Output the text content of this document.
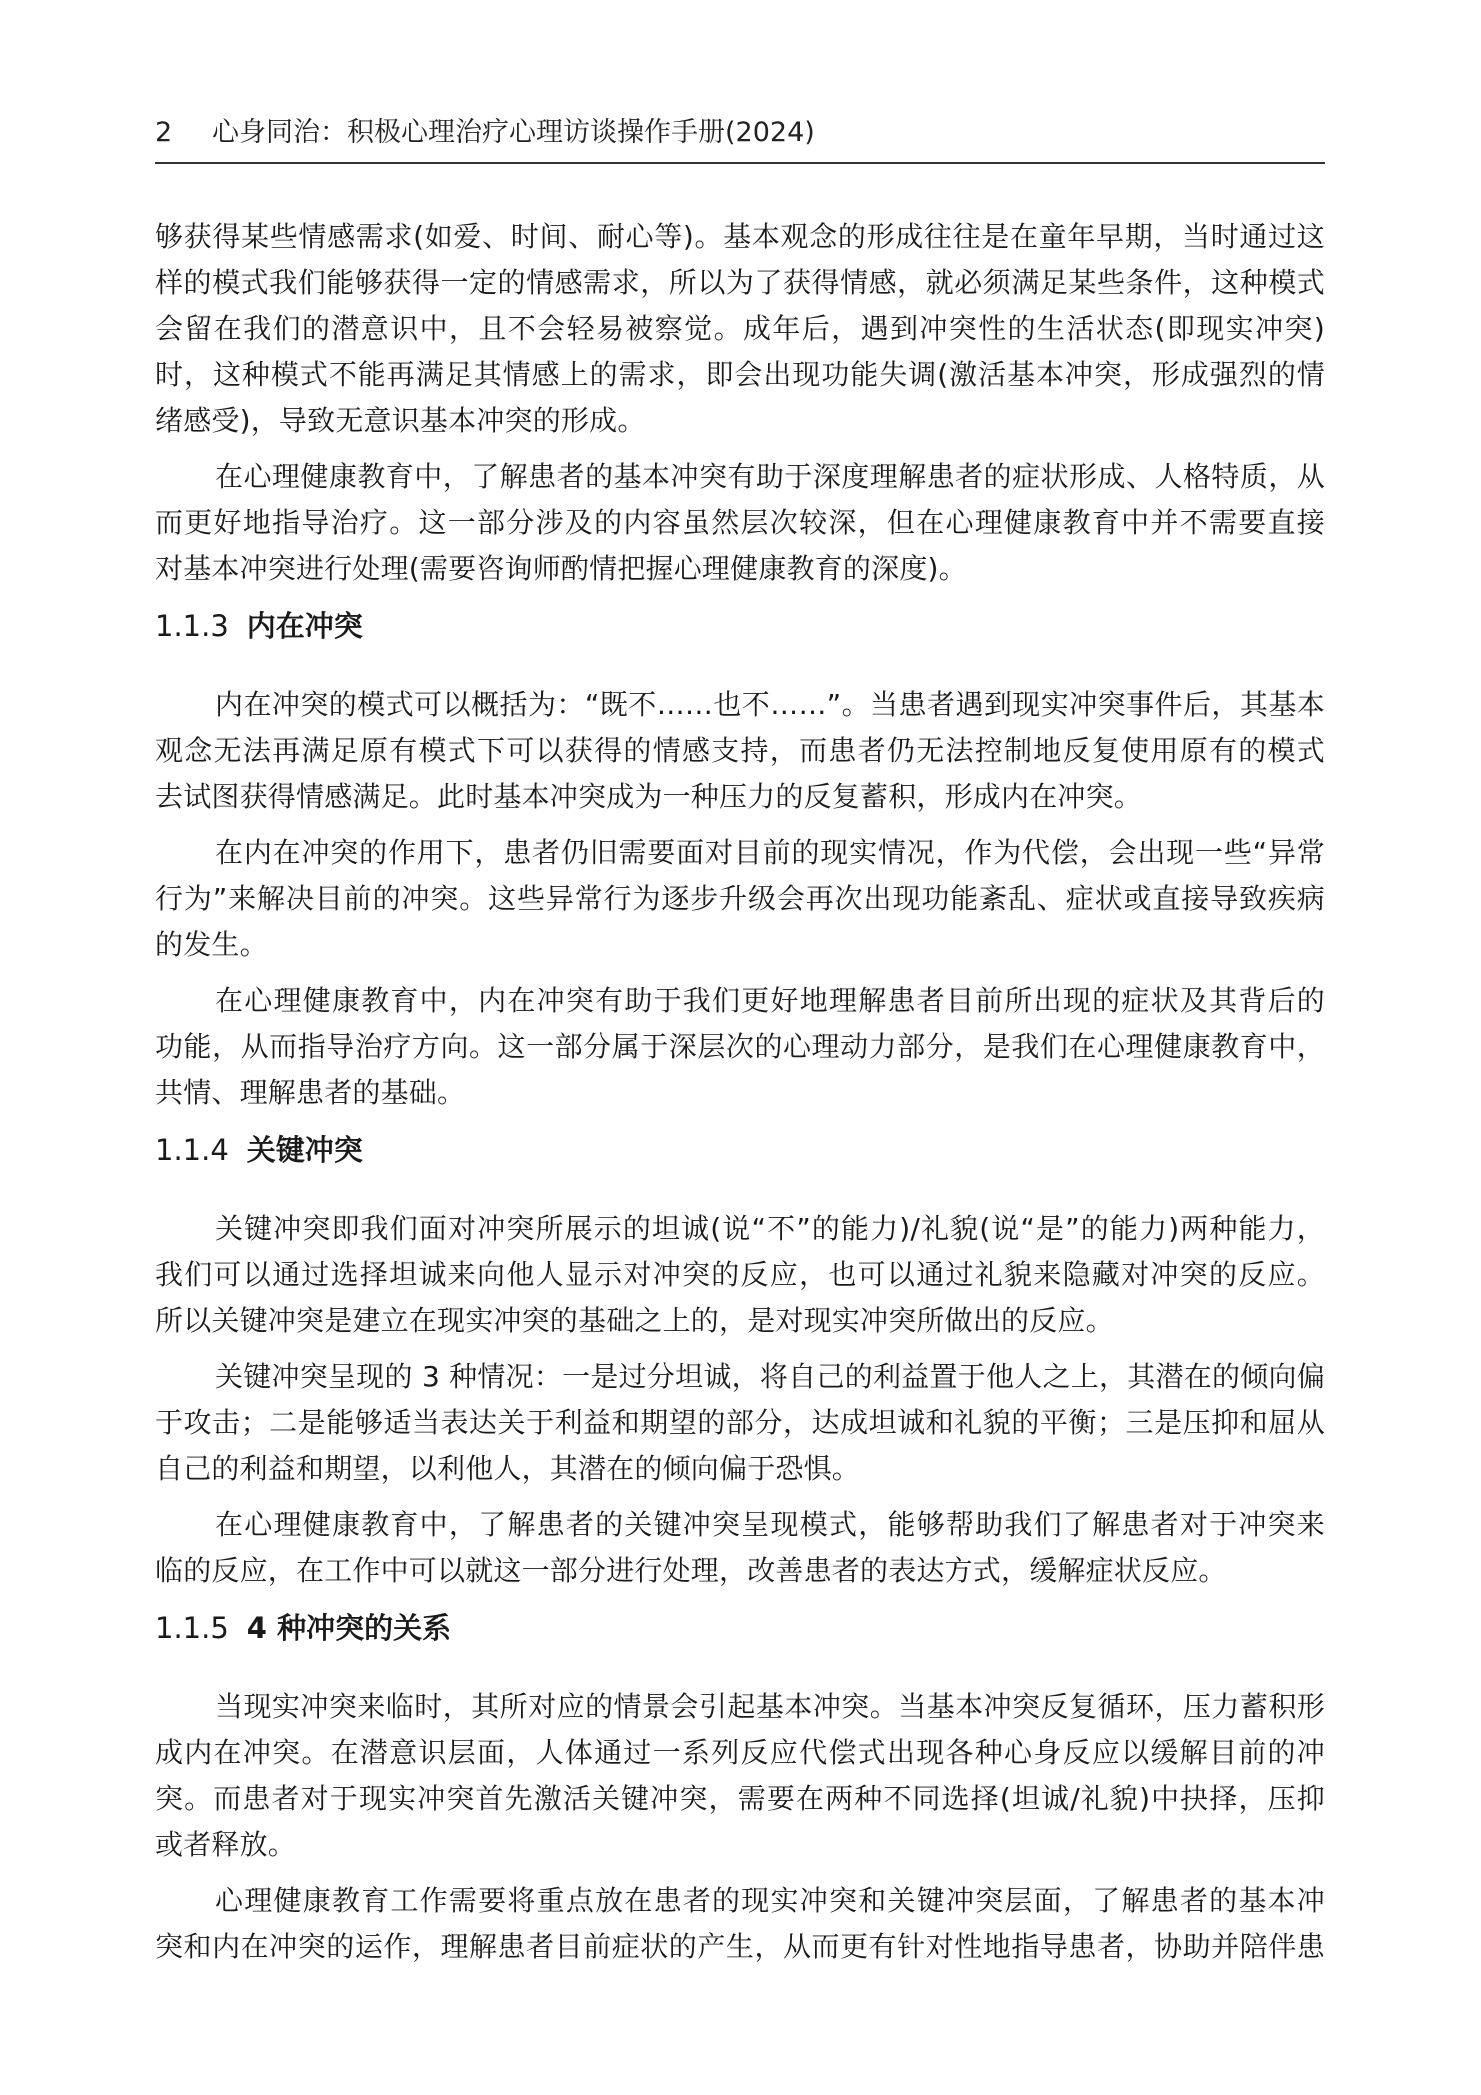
2 心身同治：积极心理治疗心理访谈操作手册(2024)
够获得某些情感需求(如爱、时间、耐心等)。基本观念的形成往往是在童年早期，当时通过这
样的模式我们能够获得一定的情感需求，所以为了获得情感，就必须满足某些条件，这种模式
会留在我们的潜意识中，且不会轻易被察觉。成年后，遇到冲突性的生活状态(即现实冲突)
时，这种模式不能再满足其情感上的需求，即会出现功能失调(激活基本冲突，形成强烈的情
绪感受)，导致无意识基本冲突的形成。
在心理健康教育中，了解患者的基本冲突有助于深度理解患者的症状形成、人格特质，从
而更好地指导治疗。这一部分涉及的内容虽然层次较深，但在心理健康教育中并不需要直接
对基本冲突进行处理(需要咨询师酌情把握心理健康教育的深度)。
1.1.3 内在冲突
内在冲突的模式可以概括为：“既不……也不……”。当患者遇到现实冲突事件后，其基本
观念无法再满足原有模式下可以获得的情感支持，而患者仍无法控制地反复使用原有的模式
去试图获得情感满足。此时基本冲突成为一种压力的反复蓄积，形成内在冲突。
在内在冲突的作用下，患者仍旧需要面对目前的现实情况，作为代偿，会出现一些“异常
行为”来解决目前的冲突。这些异常行为逐步升级会再次出现功能紊乱、症状或直接导致疾病
的发生。
在心理健康教育中，内在冲突有助于我们更好地理解患者目前所出现的症状及其背后的
功能，从而指导治疗方向。这一部分属于深层次的心理动力部分，是我们在心理健康教育中，
共情、理解患者的基础。
1.1.4 关键冲突
关键冲突即我们面对冲突所展示的坦诚(说“不”的能力)/礼貌(说“是”的能力)两种能力，
我们可以通过选择坦诚来向他人显示对冲突的反应，也可以通过礼貌来隐藏对冲突的反应。
所以关键冲突是建立在现实冲突的基础之上的，是对现实冲突所做出的反应。
关键冲突呈现的 3 种情况：一是过分坦诚，将自己的利益置于他人之上，其潜在的倾向偏
于攻击；二是能够适当表达关于利益和期望的部分，达成坦诚和礼貌的平衡；三是压抑和屈从
自己的利益和期望，以利他人，其潜在的倾向偏于恐惧。
在心理健康教育中，了解患者的关键冲突呈现模式，能够帮助我们了解患者对于冲突来
临的反应，在工作中可以就这一部分进行处理，改善患者的表达方式，缓解症状反应。
1.1.5 4 种冲突的关系
当现实冲突来临时，其所对应的情景会引起基本冲突。当基本冲突反复循环，压力蓄积形
成内在冲突。在潜意识层面，人体通过一系列反应代偿式出现各种心身反应以缓解目前的冲
突。而患者对于现实冲突首先激活关键冲突，需要在两种不同选择(坦诚/礼貌)中抉择，压抑
或者释放。
心理健康教育工作需要将重点放在患者的现实冲突和关键冲突层面，了解患者的基本冲
突和内在冲突的运作，理解患者目前症状的产生，从而更有针对性地指导患者，协助并陪伴患
